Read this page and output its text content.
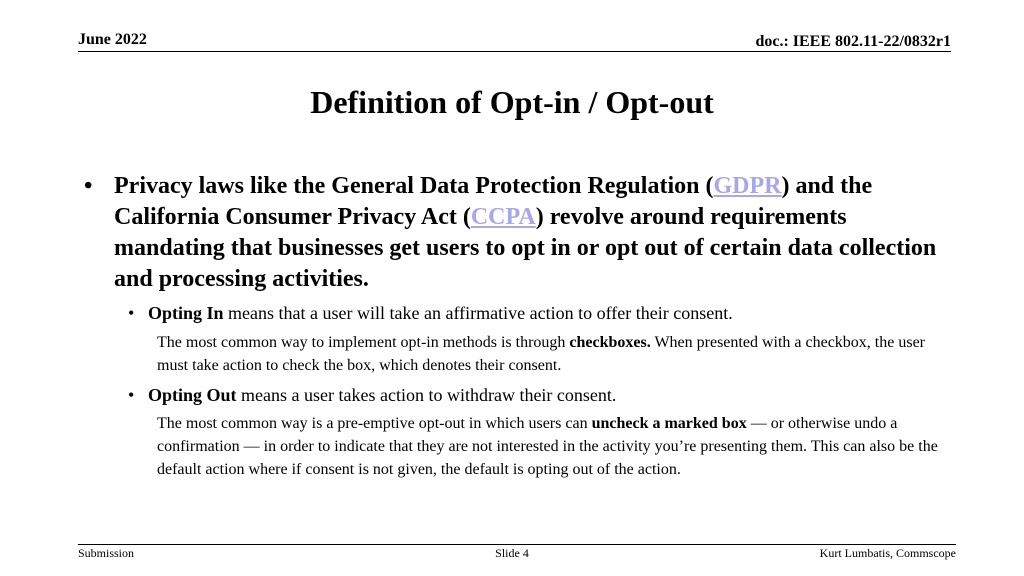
June 2022	doc.: IEEE 802.11-22/0832r1
Definition of Opt-in / Opt-out
• Privacy laws like the General Data Protection Regulation (GDPR) and the California Consumer Privacy Act (CCPA) revolve around requirements mandating that businesses get users to opt in or opt out of certain data collection and processing activities.
• Opting In means that a user will take an affirmative action to offer their consent.
The most common way to implement opt-in methods is through checkboxes. When presented with a checkbox, the user must take action to check the box, which denotes their consent.
• Opting Out means a user takes action to withdraw their consent.
The most common way is a pre-emptive opt-out in which users can uncheck a marked box — or otherwise undo a confirmation — in order to indicate that they are not interested in the activity you’re presenting them. This can also be the default action where if consent is not given, the default is opting out of the action.
Submission	Slide 4	Kurt Lumbatis, Commscope
